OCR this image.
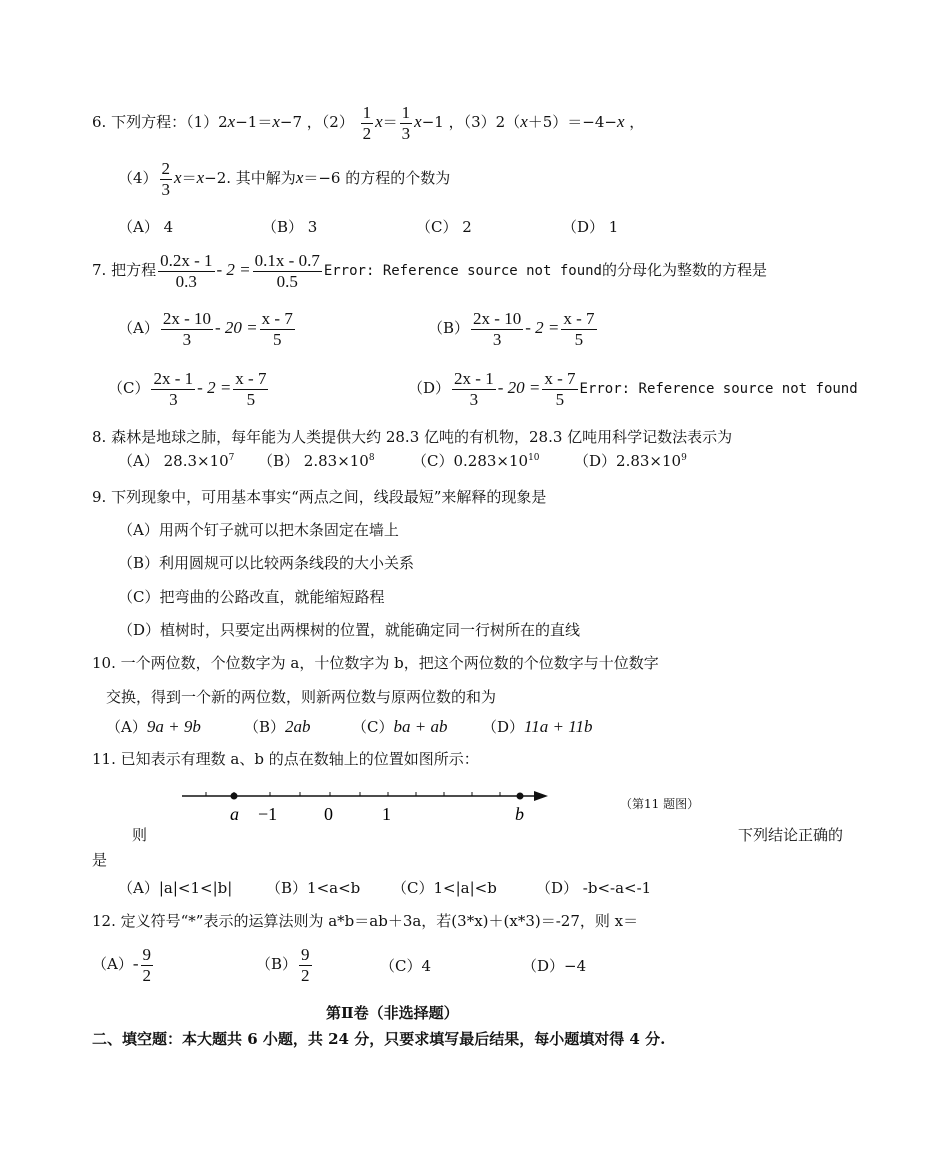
6. 下列方程：（1）2x−1＝x−7 ，$(2) \frac{1}{2} x= \frac{1}{3} x-1$ ，（3）2（x＋5）＝−4−x ，
$(4) \frac{2}{3} x=x-2$. 其中解为x＝−6 的方程的个数为
（A） 4	（B） 3	（C） 2	（D） 1
7. 把方程 $\frac{0.2x - 1}{0.3} - 2 = \frac{0.1x - 0.7}{0.5}$ Error: Reference source not found的分母化为整数的方程是
$(A) \frac{2x - 10}{3} - 20 = \frac{x - 7}{5}$	$(B) \frac{2x - 10}{3} - 2 = \frac{x - 7}{5}$
$(C) \frac{2x - 1}{3} - 2 = \frac{x - 7}{5}$	$(D) \frac{2x - 1}{3} - 20 = \frac{x - 7}{5}$ Error: Reference source not found
8. 森林是地球之肺，每年能为人类提供大约 28.3 亿吨的有机物，28.3 亿吨用科学记数法表示为
（A） $28.3\times 10^7$ （B） $2.83\times 10^8$ $(C)0.283\times 10^{10}$ $(D)2.83\times 10^9$
9. 下列现象中，可用基本事实“两点之间，线段最短”来解释的现象是
（A）用两个钉子就可以把木条固定在墙上
（B）利用圆规可以比较两条线段的大小关系
（C）把弯曲的公路改直，就能缩短路程
（D）植树时，只要定出两棵树的位置，就能确定同一行树所在的直线
10. 一个两位数，个位数字为 a，十位数字为 b，把这个两位数的个位数字与十位数字
交换，得到一个新的两位数，则新两位数与原两位数的和为
（A）9a + 9b	（B）2ab	（C）ba + ab （D）11a + 11b
11. 已知表示有理数 a、b 的点在数轴上的位置如图所示：
a −1	0	1	b	（第11 题图）
则	下列结论正确的
是
（A）|a|<1<|b| （B）1<a<b （C）1<|a|<b	（D） -b<-a<-1
12. 定义符号“*”表示的运算法则为 a*b＝ab＋3a，若(3*x)＋(x*3)＝-27，则 x＝
$(A)- \frac{9}{2}$	$(B) \frac{9}{2}$	（C）4	（D）−4
第Ⅱ卷（非选择题）
二、填空题：本大题共 6 小题，共 24 分，只要求填写最后结果，每小题填对得 4 分.
